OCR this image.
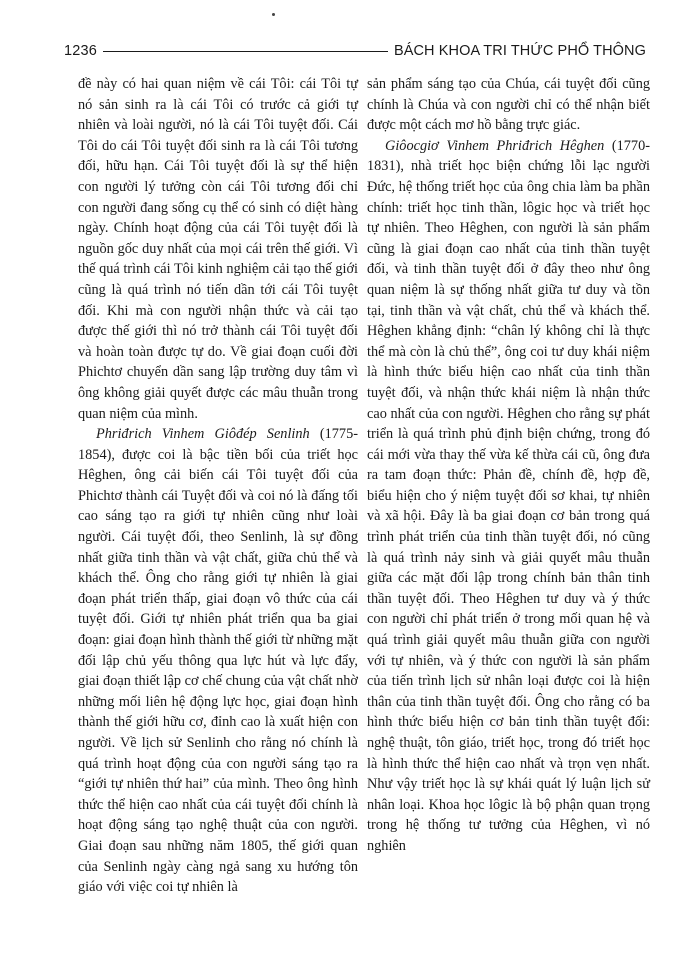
1236	BÁCH KHOA TRI THỨC PHỔ THÔNG

đề này có hai quan niệm về cái Tôi: cái Tôi tự nó sản sinh ra là cái Tôi có trước cả giới tự nhiên và loài người, nó là cái Tôi tuyệt đối. Cái Tôi do cái Tôi tuyệt đối sinh ra là cái Tôi tương đối, hữu hạn. Cái Tôi tuyệt đối là sự thể hiện con người lý tưởng còn cái Tôi tương đối chỉ con người đang sống cụ thể có sinh có diệt hàng ngày. Chính hoạt động của cái Tôi tuyệt đối là nguồn gốc duy nhất của mọi cái trên thế giới. Vì thế quá trình cái Tôi kinh nghiệm cải tạo thế giới cũng là quá trình nó tiến dần tới cái Tôi tuyệt đối. Khi mà con người nhận thức và cải tạo được thế giới thì nó trở thành cái Tôi tuyệt đối và hoàn toàn được tự do. Về giai đoạn cuối đời Phichtơ chuyển dần sang lập trường duy tâm vì ông không giải quyết được các mâu thuẫn trong quan niệm của mình.

Phriđrich Vinhem Giôđép Senlinh (1775-1854), được coi là bậc tiền bối của triết học Hêghen, ông cải biến cái Tôi tuyệt đối của Phichtơ thành cái Tuyệt đối và coi nó là đấng tối cao sáng tạo ra giới tự nhiên cũng như loài người. Cái tuyệt đối, theo Senlinh, là sự đồng nhất giữa tinh thần và vật chất, giữa chủ thể và khách thể. Ông cho rằng giới tự nhiên là giai đoạn phát triển thấp, giai đoạn vô thức của cái tuyệt đối. Giới tự nhiên phát triển qua ba giai đoạn: giai đoạn hình thành thế giới từ những mặt đối lập chủ yếu thông qua lực hút và lực đẩy, giai đoạn thiết lập cơ chế chung của vật chất nhờ những mối liên hệ động lực học, giai đoạn hình thành thế giới hữu cơ, đỉnh cao là xuất hiện con người. Về lịch sử Senlinh cho rằng nó chính là quá trình hoạt động của con người sáng tạo ra “giới tự nhiên thứ hai” của mình. Theo ông hình thức thể hiện cao nhất của cái tuyệt đối chính là hoạt động sáng tạo nghệ thuật của con người. Giai đoạn sau những năm 1805, thế giới quan của Senlinh ngày càng ngả sang xu hướng tôn giáo với việc coi tự nhiên là

sản phẩm sáng tạo của Chúa, cái tuyệt đối cũng chính là Chúa và con người chỉ có thể nhận biết được một cách mơ hồ bằng trực giác.

Giôocgiơ Vinhem Phriđrich Hêghen (1770-1831), nhà triết học biện chứng lỗi lạc người Đức, hệ thống triết học của ông chia làm ba phần chính: triết học tinh thần, lôgic học và triết học tự nhiên. Theo Hêghen, con người là sản phẩm cũng là giai đoạn cao nhất của tinh thần tuyệt đối, và tinh thần tuyệt đối ở đây theo như ông quan niệm là sự thống nhất giữa tư duy và tồn tại, tinh thần và vật chất, chủ thể và khách thể. Hêghen khẳng định: “chân lý không chỉ là thực thể mà còn là chủ thể”, ông coi tư duy khái niệm là hình thức biểu hiện cao nhất của tinh thần tuyệt đối, và nhận thức khái niệm là nhận thức cao nhất của con người. Hêghen cho rằng sự phát triển là quá trình phủ định biện chứng, trong đó cái mới vừa thay thế vừa kế thừa cái cũ, ông đưa ra tam đoạn thức: Phản đề, chính đề, hợp đề, biểu hiện cho ý niệm tuyệt đối sơ khai, tự nhiên và xã hội. Đây là ba giai đoạn cơ bản trong quá trình phát triển của tinh thần tuyệt đối, nó cũng là quá trình nảy sinh và giải quyết mâu thuẫn giữa các mặt đối lập trong chính bản thân tinh thần tuyệt đối. Theo Hêghen tư duy và ý thức con người chỉ phát triển ở trong mối quan hệ và quá trình giải quyết mâu thuẫn giữa con người với tự nhiên, và ý thức con người là sản phẩm của tiến trình lịch sử nhân loại được coi là hiện thân của tinh thần tuyệt đối. Ông cho rằng có ba hình thức biểu hiện cơ bản tinh thần tuyệt đối: nghệ thuật, tôn giáo, triết học, trong đó triết học là hình thức thể hiện cao nhất và trọn vẹn nhất. Như vậy triết học là sự khái quát lý luận lịch sử nhân loại. Khoa học lôgic là bộ phận quan trọng trong hệ thống tư tưởng của Hêghen, vì nó nghiên
